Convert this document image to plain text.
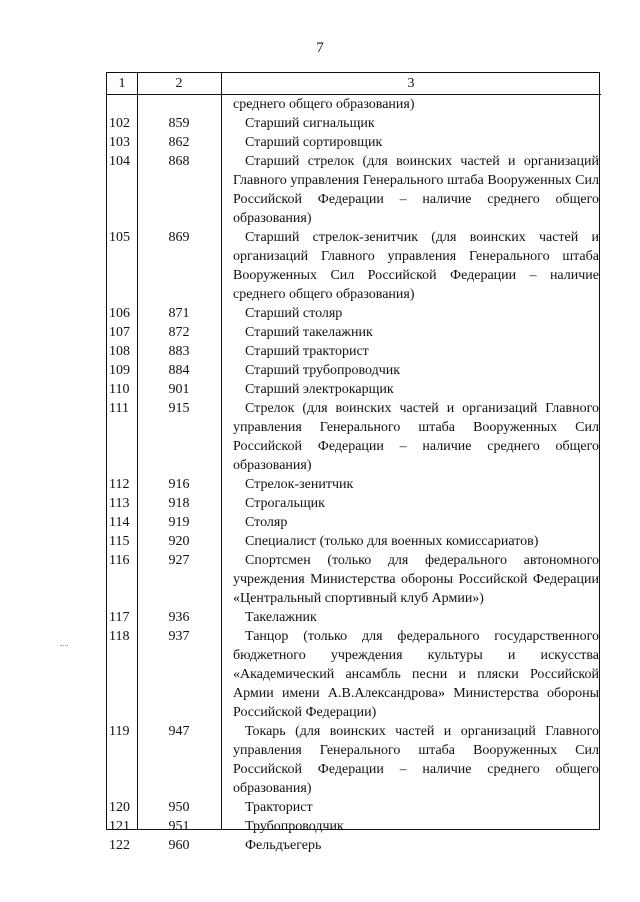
7
1	2	3
среднего общего образования)
102	859	Старший сигнальщик
103	862	Старший сортировщик
104	868	Старший стрелок (для воинских частей и организаций Главного управления Генерального штаба Вооруженных Сил Российской Федерации – наличие среднего общего образования)
105	869	Старший стрелок-зенитчик (для воинских частей и организаций Главного управления Генерального штаба Вооруженных Сил Российской Федерации – наличие среднего общего образования)
106	871	Старший столяр
107	872	Старший такелажник
108	883	Старший тракторист
109	884	Старший трубопроводчик
110	901	Старший электрокарщик
111	915	Стрелок (для воинских частей и организаций Главного управления Генерального штаба Вооруженных Сил Российской Федерации – наличие среднего общего образования)
112	916	Стрелок-зенитчик
113	918	Строгальщик
114	919	Столяр
115	920	Специалист (только для военных комиссариатов)
116	927	Спортсмен (только для федерального автономного учреждения Министерства обороны Российской Федерации «Центральный спортивный клуб Армии»)
117	936	Такелажник
118	937	Танцор (только для федерального государственного бюджетного учреждения культуры и искусства «Академический ансамбль песни и пляски Российской Армии имени А.В.Александрова» Министерства обороны Российской Федерации)
119	947	Токарь (для воинских частей и организаций Главного управления Генерального штаба Вооруженных Сил Российской Федерации – наличие среднего общего образования)
120	950	Тракторист
121	951	Трубопроводчик
122	960	Фельдъегерь
